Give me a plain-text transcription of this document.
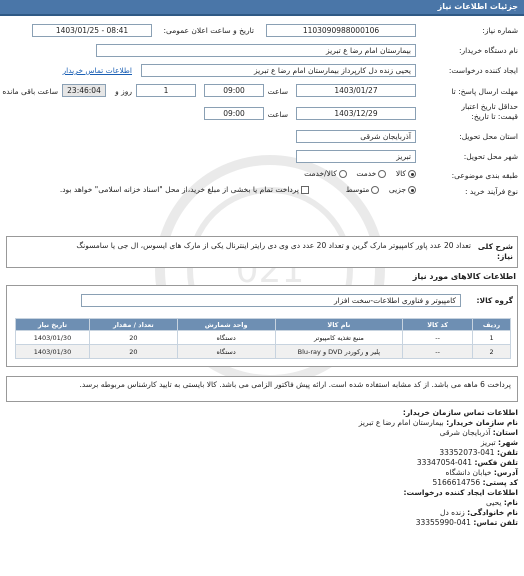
021
جزئیات اطلاعات نیاز
شماره نیاز:
1103090988000106
تاریخ و ساعت اعلان عمومی:
1403/01/25 - 08:41
نام دستگاه خریدار:
بیمارستان امام رضا ع تبریز
ایجاد کننده درخواست:
یحیی زنده دل کارپرداز بیمارستان امام رضا ع تبریز
اطلاعات تماس خریدار
مهلت ارسال پاسخ: تا
1403/01/27
ساعت
09:00
1
روز و
23:46:04
ساعت باقی مانده
حداقل تاریخ اعتبار
قیمت: تا تاریخ:
1403/12/29
ساعت
09:00
استان محل تحویل:
آذربایجان شرقی
شهر محل تحویل:
تبریز
طبقه بندی موضوعی:
کالا    خدمت    کالا/خدمت
نوع فرآیند خرید :
جزیی    متوسط
پرداخت تمام یا بخشی از مبلغ خرید،از محل "اسناد خزانه اسلامی" خواهد بود.
شرح کلی
نیاز:
تعداد 20 عدد پاور کامپیوتر مارک گرین و تعداد 20 عدد دی وی دی رایتر اینترنال یکی از مارک های ایسوس، ال جی یا سامسونگ
اطلاعات کالاهای مورد نیاز
گروه کالا:
کامپیوتر و فناوری اطلاعات-سخت افزار
ردیف	کد کالا	نام کالا	واحد شمارش	تعداد / مقدار	تاریخ نیاز
1	--	منبع تغذیه کامپیوتر	دستگاه	20	1403/01/30
2	--	پلیر و رکوردر DVD و Blu-ray	دستگاه	20	1403/01/30
پرداخت 6 ماهه می باشد. از کد مشابه استفاده شده است. ارائه پیش فاکتور الزامی می باشد. کالا بایستی به تایید کارشناس مربوطه برسد.
اطلاعات تماس سازمان خریدار:
نام سازمان خریدار: بیمارستان امام رضا ع تبریز
استان: آذربایجان شرقی
شهر: تبریز
تلفن: 041-33352073
تلفن فکس: 041-33347054
آدرس: خیابان دانشگاه
کد پستی: 5166614756
اطلاعات ایجاد کننده درخواست:
نام: یحیی
نام خانوادگی: زنده دل
تلفن تماس: 041-33355990
